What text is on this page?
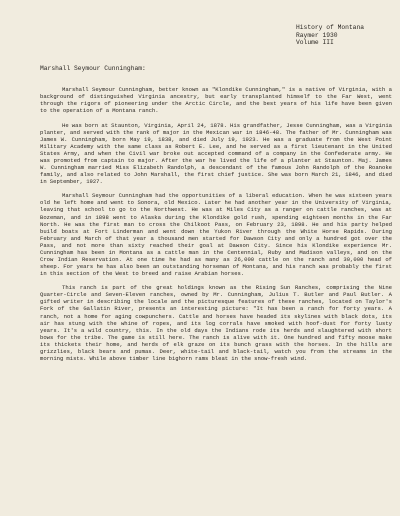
History of Montana
Raymer 1930
Volume III
Marshall Seymour Cunningham:

Marshall Seymour Cunningham, better known as "Klondike Cunningham," is a native of Virginia, with a background of distinguished Virginia ancestry, but early transplanted himself to the Far West, went through the rigors of pioneering under the Arctic Circle, and the best years of his life have been given to the operation of a Montana ranch.

He was born at Staunton, Virginia, April 24, 1878. His grandfather, Jesse Cunningham, was a Virginia planter, and served with the rank of major in the Mexican war in 1846-48. The father of Mr. Cunningham was James W. Cunningham, born May 19, 1838, and died July 19, 1923. He was a graduate from the West Point Military Academy with the same class as Robert E. Lee, and he served as a first lieutenant in the United States Army, and when the Civil war broke out accepted command of a company in the Confederate army. He was promoted from captain to major. After the war he lived the life of a planter at Staunton. Maj. James W. Cunningham married Miss Elizabeth Randolph, a descendant of the famous John Randolph of the Roanoke family, and also related to John Marshall, the first chief justice. She was born March 21, 1846, and died in September, 1927.

Marshall Seymour Cunningham had the opportunities of a liberal education. When he was sixteen years old he left home and went to Sonora, old Mexico. Later he had another year in the University of Virginia, leaving that school to go to the Northwest. He was at Miles City as a ranger on cattle ranches, was at Bozeman, and in 1898 went to Alaska during the Klondike gold rush, spending eighteen months in the Far North. He was the first man to cross the Chilkoot Pass, on February 23, 1898. He and his party helped build boats at Fort Linderman and went down the Yukon River through the White Horse Rapids. During February and March of that year a thousand men started for Dawson City and only a hundred got over the Pass, and not more than sixty reached their goal at Dawson City. Since his Klondike experience Mr. Cunningham has been in Montana as a cattle man in the Centennial, Ruby and Madison valleys, and on the Crow Indian Reservation. At one time he had as many as 26,000 cattle on the ranch and 30,000 head of sheep. For years he has also been an outstanding horseman of Montana, and his ranch was probably the first in this section of the West to breed and raise Arabian horses.

This ranch is part of the great holdings known as the Rising Sun Ranches, comprising the Nine Quarter-Circle and Seven-Eleven ranches, owned by Mr. Cunningham, Julius T. Butler and Paul Butler. A gifted writer in describing the locale and the picturesque features of these ranches, located on Taylor's Fork of the Gallatin River, presents an interesting picture: "It has been a ranch for forty years. A ranch, not a home for aging cowpunchers. Cattle and horses have headed its skylines with black dots, its air has stung with the whine of ropes, and its log corrals have smoked with hoof-dust for forty lusty years. It's a wild country, this. In the old days the Indians rode its herds and slaughtered with short bows for the tribe. The game is still here. The ranch is alive with it. One hundred and fifty moose make its thickets their home, and herds of elk graze on its bunch grass with the horses. In the hills are grizzlies, black bears and pumas. Deer, white-tail and black-tail, watch you from the streams in the morning mists. While above timber line bighorn rams bleat in the snow-fresh wind.
